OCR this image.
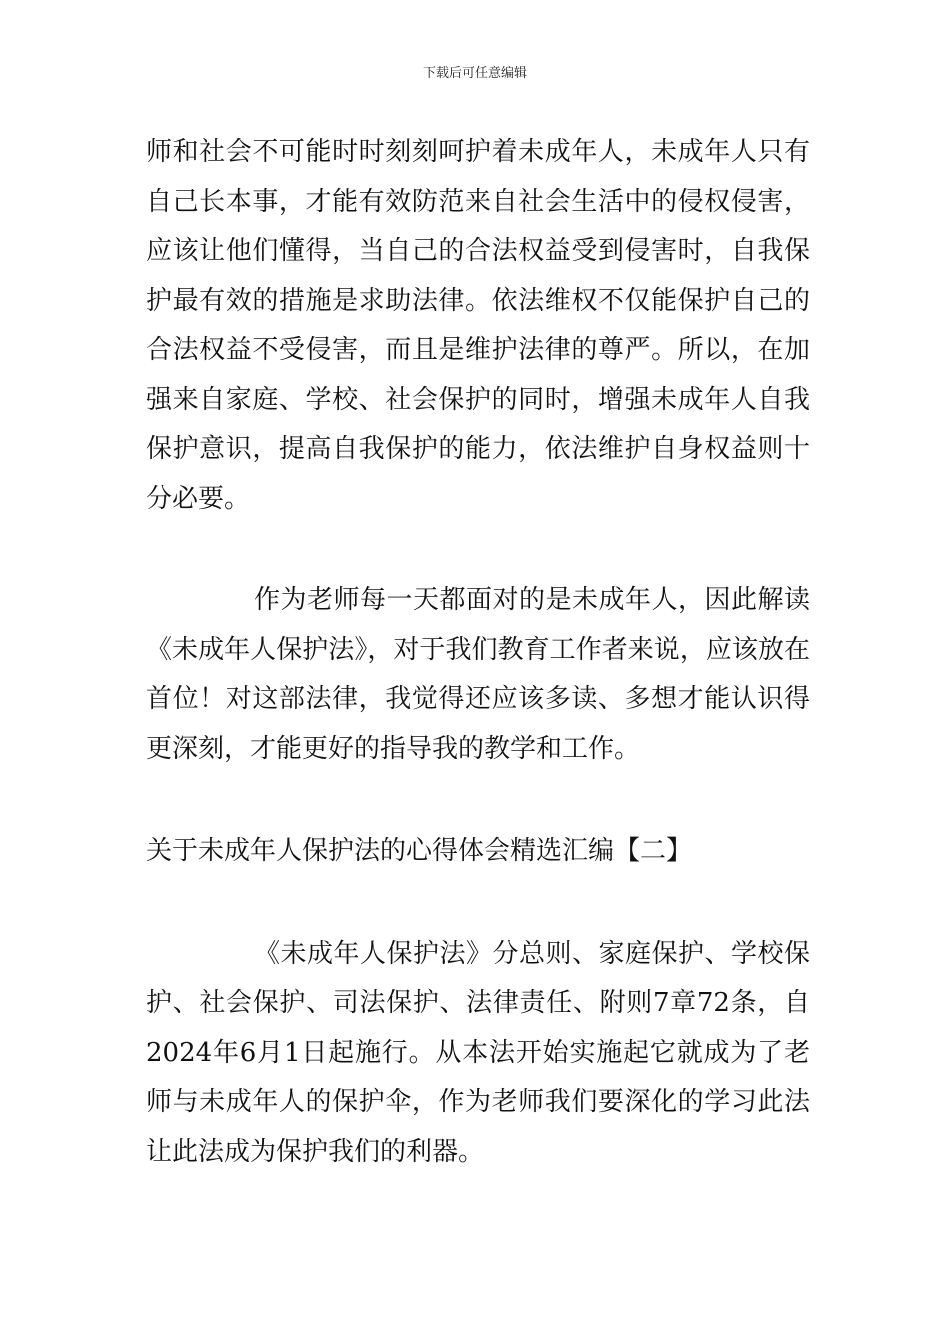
下载后可任意编辑

师和社会不可能时时刻刻呵护着未成年人，未成年人只有自己长本事，才能有效防范来自社会生活中的侵权侵害，应该让他们懂得，当自己的合法权益受到侵害时，自我保护最有效的措施是求助法律。依法维权不仅能保护自己的合法权益不受侵害，而且是维护法律的尊严。所以，在加强来自家庭、学校、社会保护的同时，增强未成年人自我保护意识，提高自我保护的能力，依法维护自身权益则十分必要。

作为老师每一天都面对的是未成年人，因此解读《未成年人保护法》，对于我们教育工作者来说，应该放在首位！对这部法律，我觉得还应该多读、多想才能认识得更深刻，才能更好的指导我的教学和工作。

关于未成年人保护法的心得体会精选汇编【二】

《未成年人保护法》分总则、家庭保护、学校保护、社会保护、司法保护、法律责任、附则7章72条，自2024年6月1日起施行。从本法开始实施起它就成为了老师与未成年人的保护伞，作为老师我们要深化的学习此法让此法成为保护我们的利器。
